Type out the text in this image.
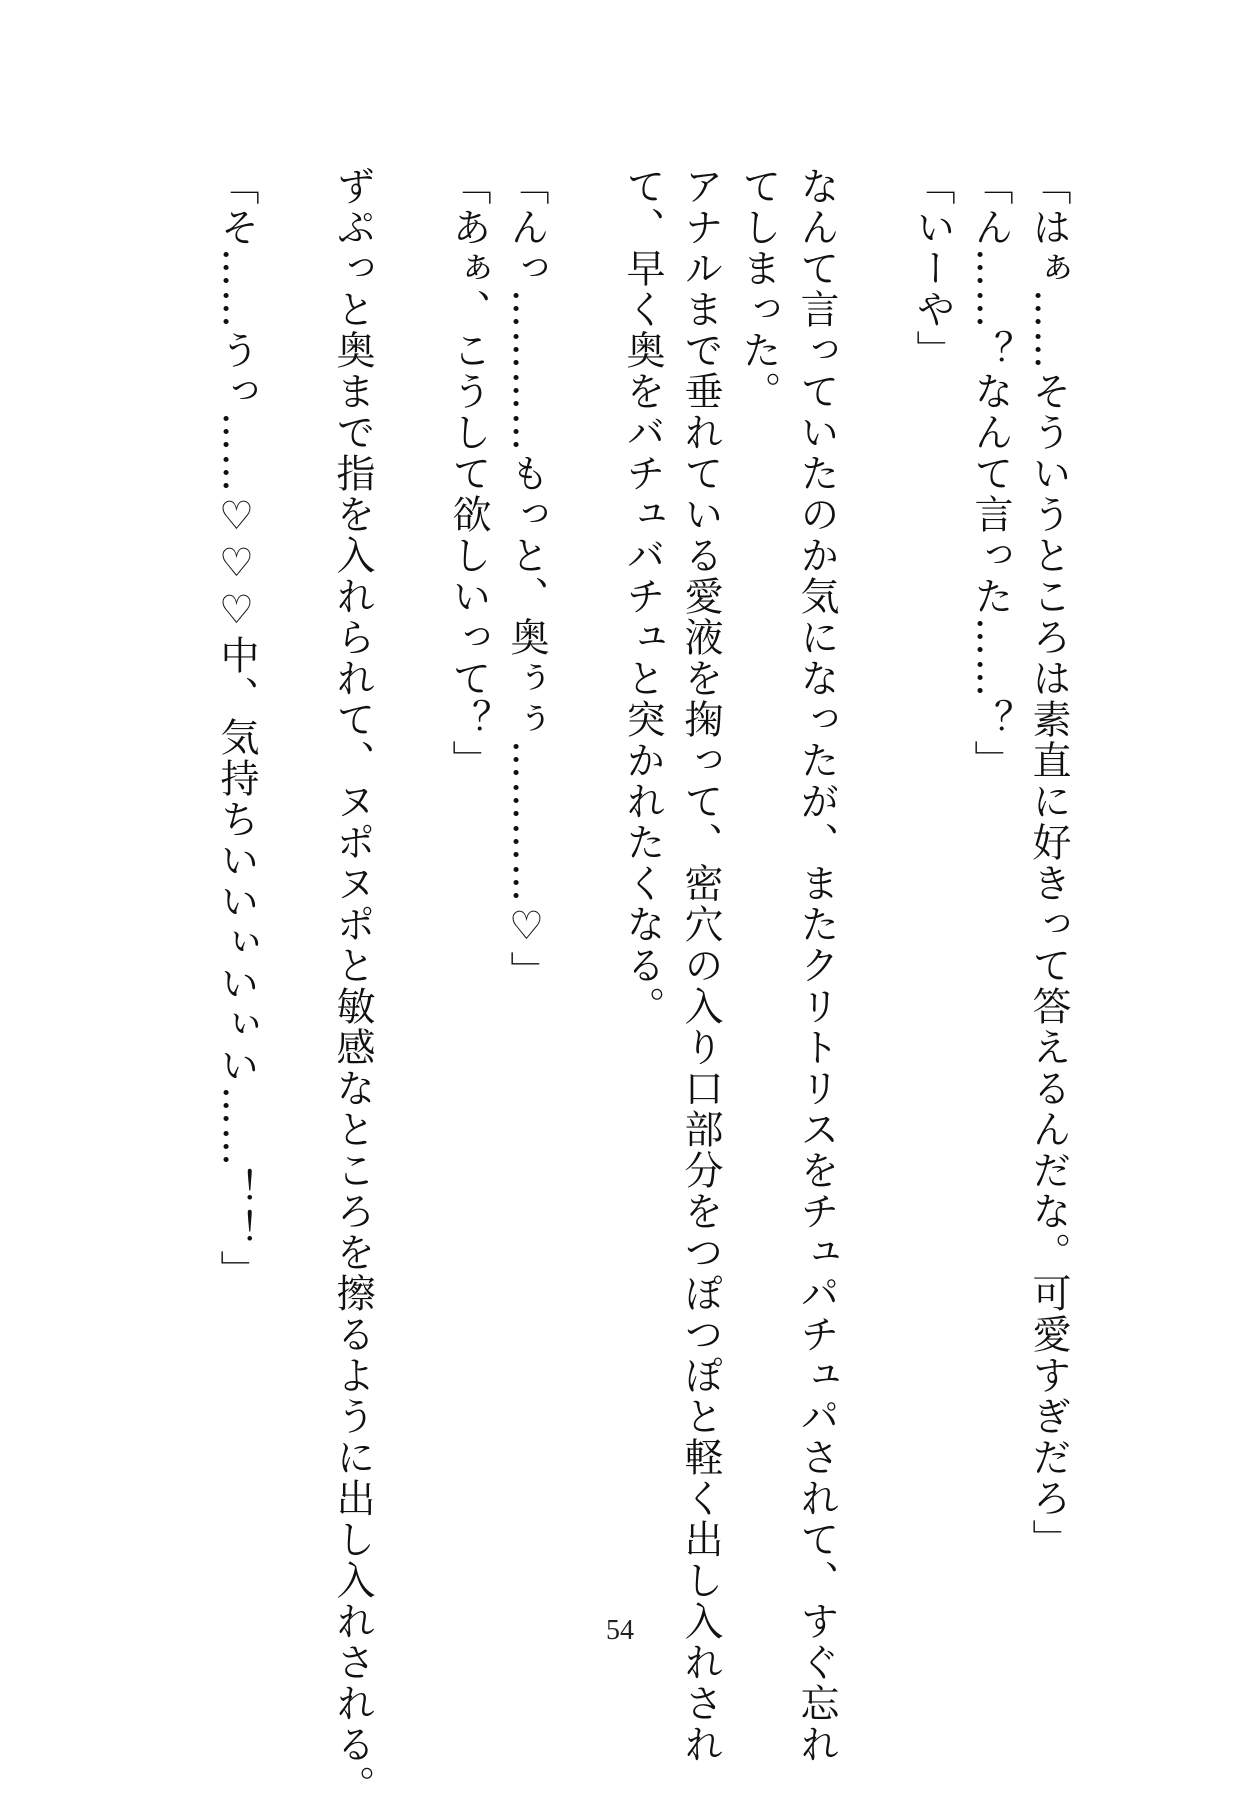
「はぁ……そういうところは素直に好きって答えるんだな。可愛すぎだろ」
「ん……？なんて言った……？」
「いーや」
なんて言っていたのか気になったが、またクリトリスをチュパチュパされて、すぐ忘れ
てしまった。
アナルまで垂れている愛液を掬って、密穴の入り口部分をつぽつぽと軽く出し入れされ
て、早く奥をバチュバチュと突かれたくなる。
「んっ…………もっと、奥ぅぅ…………♡」
「あぁ、こうして欲しいって？」
ずぷっと奥まで指を入れられて、ヌポヌポと敏感なところを擦るように出し入れされる。
「そ……うっ……♡♡♡中、気持ちいいぃいぃい……！！」
54
